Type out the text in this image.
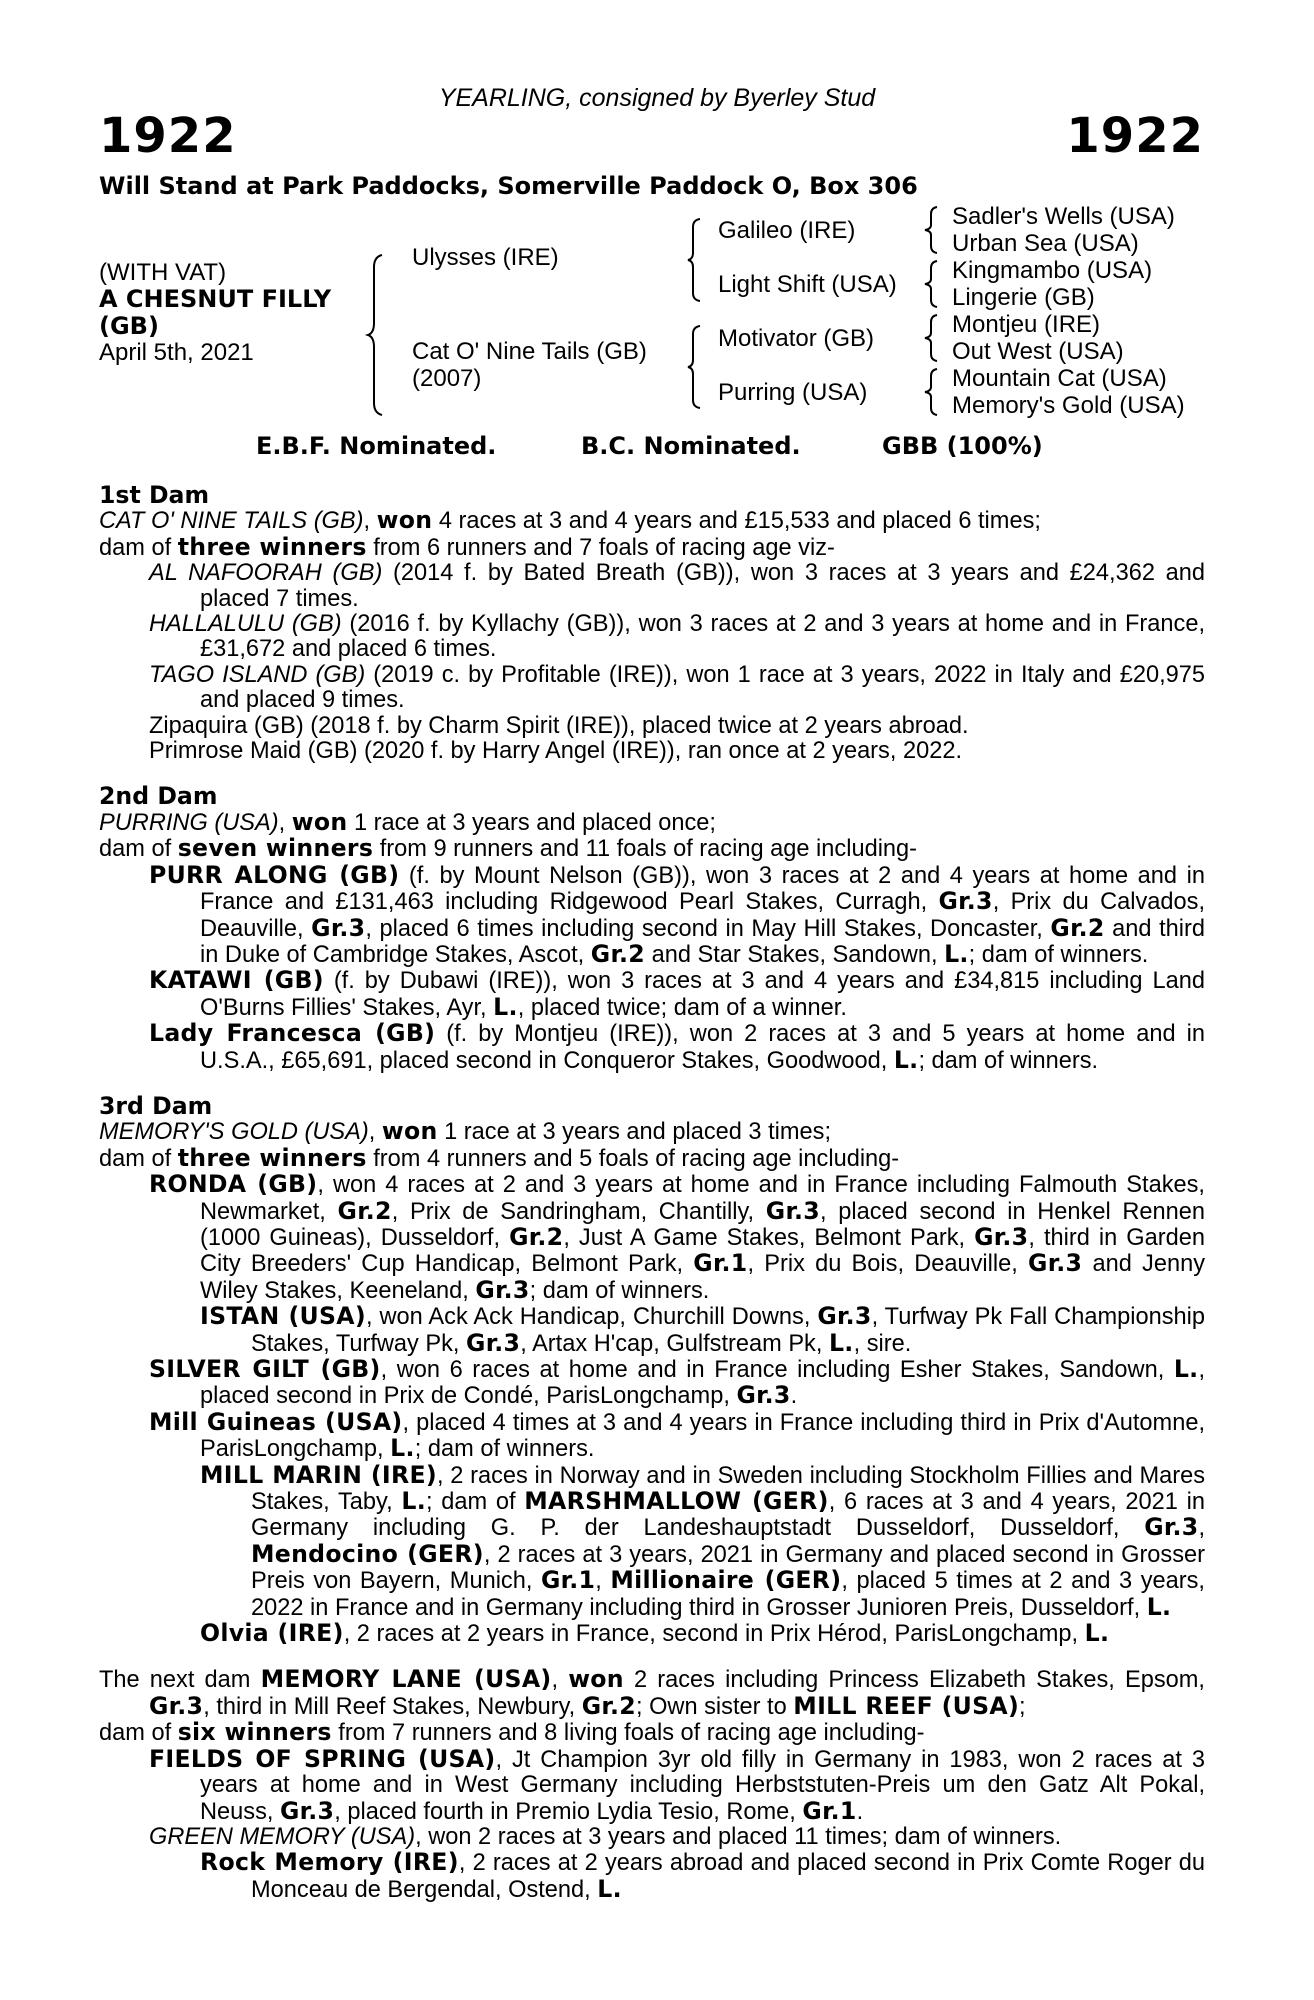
YEARLING, consigned by Byerley Stud
1922	1922
Will Stand at Park Paddocks, Somerville Paddock O, Box 306
(WITH VAT)
A CHESNUT FILLY
(GB)
April 5th, 2021
Ulysses (IRE)
Cat O' Nine Tails (GB)
(2007)
Galileo (IRE)
Light Shift (USA)
Motivator (GB)
Purring (USA)
Sadler's Wells (USA)
Urban Sea (USA)
Kingmambo (USA)
Lingerie (GB)
Montjeu (IRE)
Out West (USA)
Mountain Cat (USA)
Memory's Gold (USA)
E.B.F. Nominated.	B.C. Nominated.	GBB (100%)

1st Dam

CAT O' NINE TAILS (GB), won 4 races at 3 and 4 years and £15,533 and placed 6 times;

dam of three winners from 6 runners and 7 foals of racing age viz-

AL NAFOORAH (GB) (2014 f. by Bated Breath (GB)), won 3 races at 3 years and £24,362 and placed 7 times.

HALLALULU (GB) (2016 f. by Kyllachy (GB)), won 3 races at 2 and 3 years at home and in France, £31,672 and placed 6 times.

TAGO ISLAND (GB) (2019 c. by Profitable (IRE)), won 1 race at 3 years, 2022 in Italy and £20,975 and placed 9 times.

Zipaquira (GB) (2018 f. by Charm Spirit (IRE)), placed twice at 2 years abroad.

Primrose Maid (GB) (2020 f. by Harry Angel (IRE)), ran once at 2 years, 2022.

2nd Dam

PURRING (USA), won 1 race at 3 years and placed once;

dam of seven winners from 9 runners and 11 foals of racing age including-

PURR ALONG (GB) (f. by Mount Nelson (GB)), won 3 races at 2 and 4 years at home and in France and £131,463 including Ridgewood Pearl Stakes, Curragh, Gr.3, Prix du Calvados, Deauville, Gr.3, placed 6 times including second in May Hill Stakes, Doncaster, Gr.2 and third in Duke of Cambridge Stakes, Ascot, Gr.2 and Star Stakes, Sandown, L.; dam of winners.

KATAWI (GB) (f. by Dubawi (IRE)), won 3 races at 3 and 4 years and £34,815 including Land O'Burns Fillies' Stakes, Ayr, L., placed twice; dam of a winner.

Lady Francesca (GB) (f. by Montjeu (IRE)), won 2 races at 3 and 5 years at home and in U.S.A., £65,691, placed second in Conqueror Stakes, Goodwood, L.; dam of winners.

3rd Dam

MEMORY'S GOLD (USA), won 1 race at 3 years and placed 3 times;

dam of three winners from 4 runners and 5 foals of racing age including-

RONDA (GB), won 4 races at 2 and 3 years at home and in France including Falmouth Stakes, Newmarket, Gr.2, Prix de Sandringham, Chantilly, Gr.3, placed second in Henkel Rennen (1000 Guineas), Dusseldorf, Gr.2, Just A Game Stakes, Belmont Park, Gr.3, third in Garden City Breeders' Cup Handicap, Belmont Park, Gr.1, Prix du Bois, Deauville, Gr.3 and Jenny Wiley Stakes, Keeneland, Gr.3; dam of winners.

ISTAN (USA), won Ack Ack Handicap, Churchill Downs, Gr.3, Turfway Pk Fall Championship Stakes, Turfway Pk, Gr.3, Artax H'cap, Gulfstream Pk, L., sire.

SILVER GILT (GB), won 6 races at home and in France including Esher Stakes, Sandown, L., placed second in Prix de Condé, ParisLongchamp, Gr.3.

Mill Guineas (USA), placed 4 times at 3 and 4 years in France including third in Prix d'Automne, ParisLongchamp, L.; dam of winners.

MILL MARIN (IRE), 2 races in Norway and in Sweden including Stockholm Fillies and Mares Stakes, Taby, L.; dam of MARSHMALLOW (GER), 6 races at 3 and 4 years, 2021 in Germany including G. P. der Landeshauptstadt Dusseldorf, Dusseldorf, Gr.3, Mendocino (GER), 2 races at 3 years, 2021 in Germany and placed second in Grosser Preis von Bayern, Munich, Gr.1, Millionaire (GER), placed 5 times at 2 and 3 years, 2022 in France and in Germany including third in Grosser Junioren Preis, Dusseldorf, L.

Olvia (IRE), 2 races at 2 years in France, second in Prix Hérod, ParisLongchamp, L.

The next dam MEMORY LANE (USA), won 2 races including Princess Elizabeth Stakes, Epsom, Gr.3, third in Mill Reef Stakes, Newbury, Gr.2; Own sister to MILL REEF (USA);

dam of six winners from 7 runners and 8 living foals of racing age including-

FIELDS OF SPRING (USA), Jt Champion 3yr old filly in Germany in 1983, won 2 races at 3 years at home and in West Germany including Herbststuten-Preis um den Gatz Alt Pokal, Neuss, Gr.3, placed fourth in Premio Lydia Tesio, Rome, Gr.1.

GREEN MEMORY (USA), won 2 races at 3 years and placed 11 times; dam of winners.

Rock Memory (IRE), 2 races at 2 years abroad and placed second in Prix Comte Roger du Monceau de Bergendal, Ostend, L.
